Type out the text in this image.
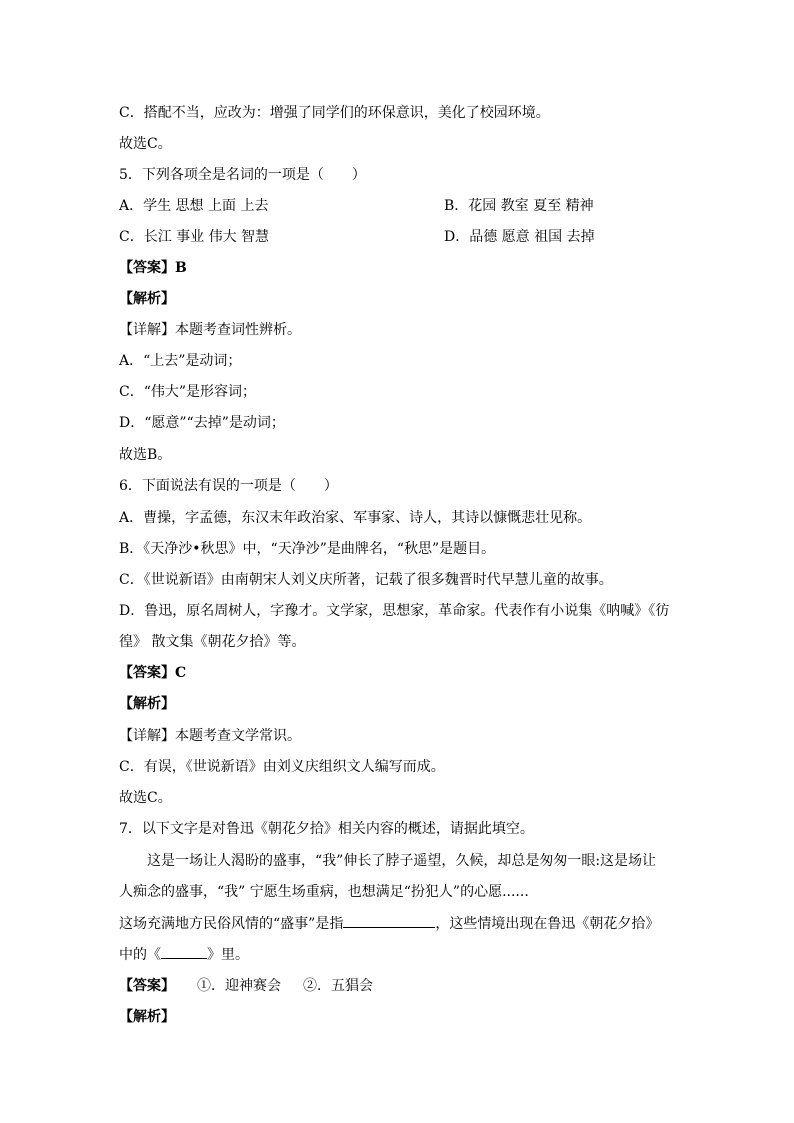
C．搭配不当，应改为：增强了同学们的环保意识，美化了校园环境。
故选C。
5．下列各项全是名词的一项是（　　）
A．学生 思想 上面 上去	B．花园 教室 夏至 精神
C．长江 事业 伟大 智慧	D．品德 愿意 祖国 去掉
【答案】B
【解析】
【详解】本题考查词性辨析。
A．“上去”是动词；
C．“伟大”是形容词；
D．“愿意”“去掉”是动词；
故选B。
6．下面说法有误的一项是（　　）
A．曹操，字孟德，东汉末年政治家、军事家、诗人，其诗以慷慨悲壮见称。
B．《天净沙•秋思》中，“天净沙”是曲牌名，“秋思”是题目。
C．《世说新语》由南朝宋人刘义庆所著，记载了很多魏晋时代早慧儿童的故事。
D．鲁迅，原名周树人，字豫才。文学家，思想家，革命家。代表作有小说集《呐喊》《彷
徨》 散文集《朝花夕拾》等。
【答案】C
【解析】
【详解】本题考查文学常识。
C．有误，《世说新语》由刘义庆组织文人编写而成。
故选C。
7．以下文字是对鲁迅《朝花夕拾》相关内容的概述，请据此填空。
这是一场让人渴盼的盛事，“我”伸长了脖子遥望，久候，却总是匆匆一眼:这是场让
人痴念的盛事，“我” 宁愿生场重病，也想满足“扮犯人”的心愿......
这场充满地方民俗风情的“盛事”是指	，这些情境出现在鲁迅《朝花夕拾》
中的《	》里。
【答案】 ①．迎神赛会 ②．五猖会
【解析】
